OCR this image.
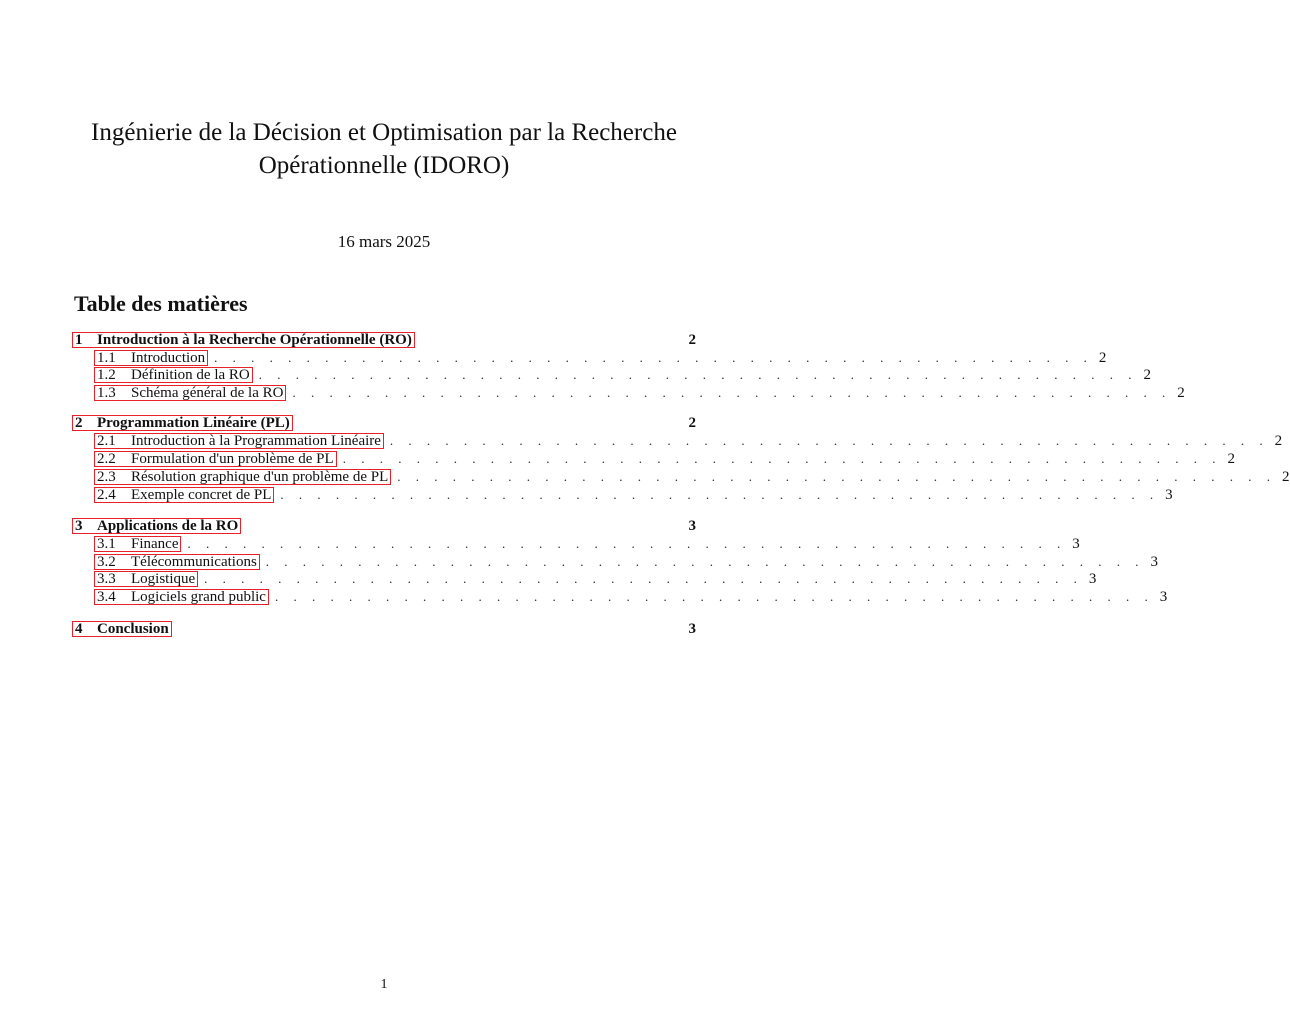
Ingénierie de la Décision et Optimisation par la Recherche
Opérationnelle (IDORO)
16 mars 2025
Table des matières
1 Introduction à la Recherche Opérationnelle (RO)	2
1.1	Introduction . . . . . . . . . . . . . . . . . . . . . . . . . . . . . . . . . . . . . . . . . . . . . . . . 2
1.2	Définition de la RO . . . . . . . . . . . . . . . . . . . . . . . . . . . . . . . . . . . . . . . . . . . . . . . . 2
1.3	Schéma général de la RO . . . . . . . . . . . . . . . . . . . . . . . . . . . . . . . . . . . . . . . . . . . . . . . . 2
2 Programmation Linéaire (PL)	2
2.1	Introduction à la Programmation Linéaire . . . . . . . . . . . . . . . . . . . . . . . . . . . . . . . . . . . . . . . . . . . . . . . . 2
2.2	Formulation d'un problème de PL . . . . . . . . . . . . . . . . . . . . . . . . . . . . . . . . . . . . . . . . . . . . . . . . 2
2.3	Résolution graphique d'un problème de PL . . . . . . . . . . . . . . . . . . . . . . . . . . . . . . . . . . . . . . . . . . . . . . . . 2
2.4	Exemple concret de PL . . . . . . . . . . . . . . . . . . . . . . . . . . . . . . . . . . . . . . . . . . . . . . . . 3
3 Applications de la RO	3
3.1	Finance . . . . . . . . . . . . . . . . . . . . . . . . . . . . . . . . . . . . . . . . . . . . . . . . 3
3.2	Télécommunications . . . . . . . . . . . . . . . . . . . . . . . . . . . . . . . . . . . . . . . . . . . . . . . . 3
3.3	Logistique . . . . . . . . . . . . . . . . . . . . . . . . . . . . . . . . . . . . . . . . . . . . . . . . 3
3.4	Logiciels grand public . . . . . . . . . . . . . . . . . . . . . . . . . . . . . . . . . . . . . . . . . . . . . . . . 3
4 Conclusion	3
1
